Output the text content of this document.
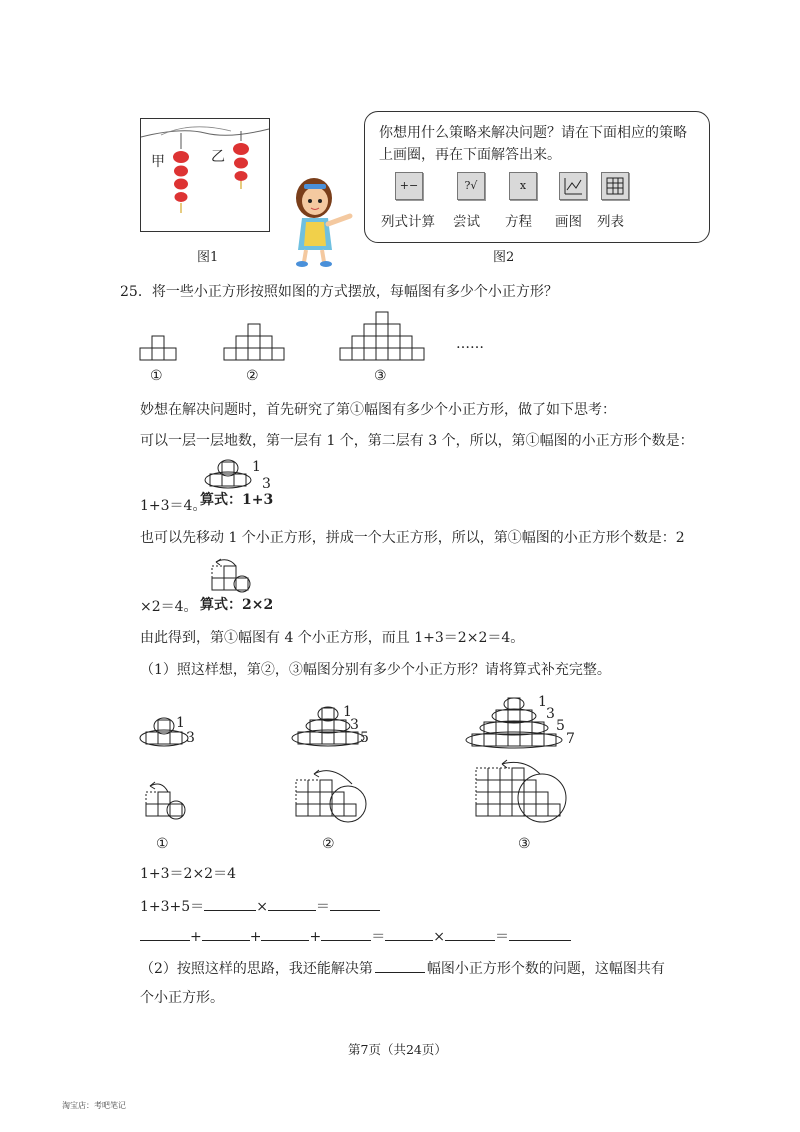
甲	乙
图1
你想用什么策略来解决问题？请在下面相应的策略上画圈，再在下面解答出来。
+−	?√	x
列式计算 尝试 方程 画图 列表
图2
25．将一些小正方形按照如图的方式摆放，每幅图有多少个小正方形？
①	②	③
……
妙想在解决问题时，首先研究了第①幅图有多少个小正方形，做了如下思考：
可以一层一层地数，第一层有 1 个，第二层有 3 个，所以，第①幅图的小正方形个数是：
1
3
1+3＝4。
算式：1+3
也可以先移动 1 个小正方形，拼成一个大正方形，所以，第①幅图的小正方形个数是：2
×2＝4。 算式：2×2
由此得到，第①幅图有 4 个小正方形，而且 1+3＝2×2＝4。
（1）照这样想，第②，③幅图分别有多少个小正方形？请将算式补充完整。
1
3
1
3
5
1
3
5
7
①	②	③
1+3＝2×2＝4
1+3+5＝	×	＝
+	+	+	＝	×	＝
（2）按照这样的思路，我还能解决第	幅图小正方形个数的问题，这幅图共有
个小正方形。
第7页（共24页）
淘宝店：考吧笔记
